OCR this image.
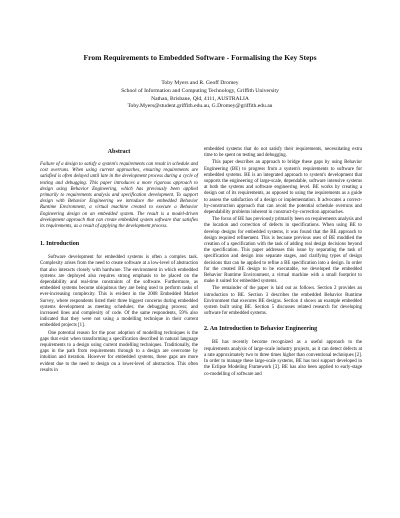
From Requirements to Embedded Software - Formalising the Key Steps
Toby Myers and R. Geoff Dromey
School of Information and Computing Technology, Griffith University
Nathan, Brisbane, Qld, 4111, AUSTRALIA
Toby.Myers@student.griffith.edu.au, G.Dromey@griffith.edu.au
Abstract

Failure of a design to satisfy a system's requirements can result in schedule and cost overruns. When using current approaches, ensuring requirements are satisfied is often delayed until late in the development process during a cycle of testing and debugging. This paper introduces a more rigorous approach to design using Behavior Engineering, which has previously been applied primarily to requirements analysis and specification development. To support design with Behavior Engineering we introduce the embedded Behavior Runtime Environment, a virtual machine created to execute a Behavior Engineering design on an embedded system. The result is a model-driven development approach that can create embedded system software that satisfies its requirements, as a result of applying the development process.

1. Introduction

Software development for embedded systems is often a complex task. Complexity arises from the need to create software at a low-level of abstraction that also interacts closely with hardware. The environment in which embedded systems are deployed also requires strong emphasis to be placed on the dependability and real-time constraints of the software. Furthermore, as embedded systems become ubiquitous they are being used to perform tasks of ever-increasing complexity. This is evident in the 2008 Embedded Market Survey, where respondents listed their three biggest concerns during embedded systems development as meeting schedules; the debugging process; and increased lines and complexity of code. Of the same respondents, 59% also indicated that they were not using a modelling technique in their current embedded projects [1].

One potential reason for the poor adoption of modelling techniques is the gaps that exist when transforming a specification described in natural language requirements to a design using current modelling techniques. Traditionally, the gaps in the path from requirements through to a design are overcome by intuition and iteration. However for embedded systems, these gaps are more evident due to the need to design on a lower-level of abstraction. This often results in

embedded systems that do not satisfy their requirements, necessitating extra time to be spent on testing and debugging.

This paper describes an approach to bridge these gaps by using Behavior Engineering (BE) to progress from a system's requirements to software for embedded systems. BE is an integrated approach to system's development that supports the engineering of large-scale, dependable, software intensive systems at both the systems and software engineering level. BE works by creating a design out of its requirements, as opposed to using the requirements as a guide to assess the satisfaction of a design or implementation. It advocates a correct-by-construction approach that can avoid the potential schedule overruns and dependability problems inherent in construct-by-correction approaches.

The focus of BE has previously primarily been on requirements analysis and the location and correction of defects in specifications. When using BE to develop designs for embedded systems, it was found that the BE approach to design required refinement. This is because previous uses of BE muddled the creation of a specification with the task of adding real design decisions beyond the specification. This paper addresses this issue by separating the task of specification and design into separate stages, and clarifying types of design decisions that can be applied to refine a BE specification into a design. In order for the created BE design to be executable, we developed the embedded Behavior Runtime Environment, a virtual machine with a small footprint to make it suited for embedded systems.

The remainder of the paper is laid out as follows. Section 2 provides an introduction to BE. Section 3 describes the embedded Behavior Runtime Environment that executes BE designs. Section 4 shows an example embedded system built using BE. Section 5 discusses related research for developing software for embedded systems.

2. An Introduction to Behavior Engineering

BE has recently become recognized as a useful approach to the requirements analysis of large-scale industry projects, as it can detect defects at a rate approximately two to three times higher than conventional techniques [2]. In order to manage these large-scale systems, BE has tool support developed in the Eclipse Modeling Framework [3]. BE has also been applied to early-stage co-modelling of software and
